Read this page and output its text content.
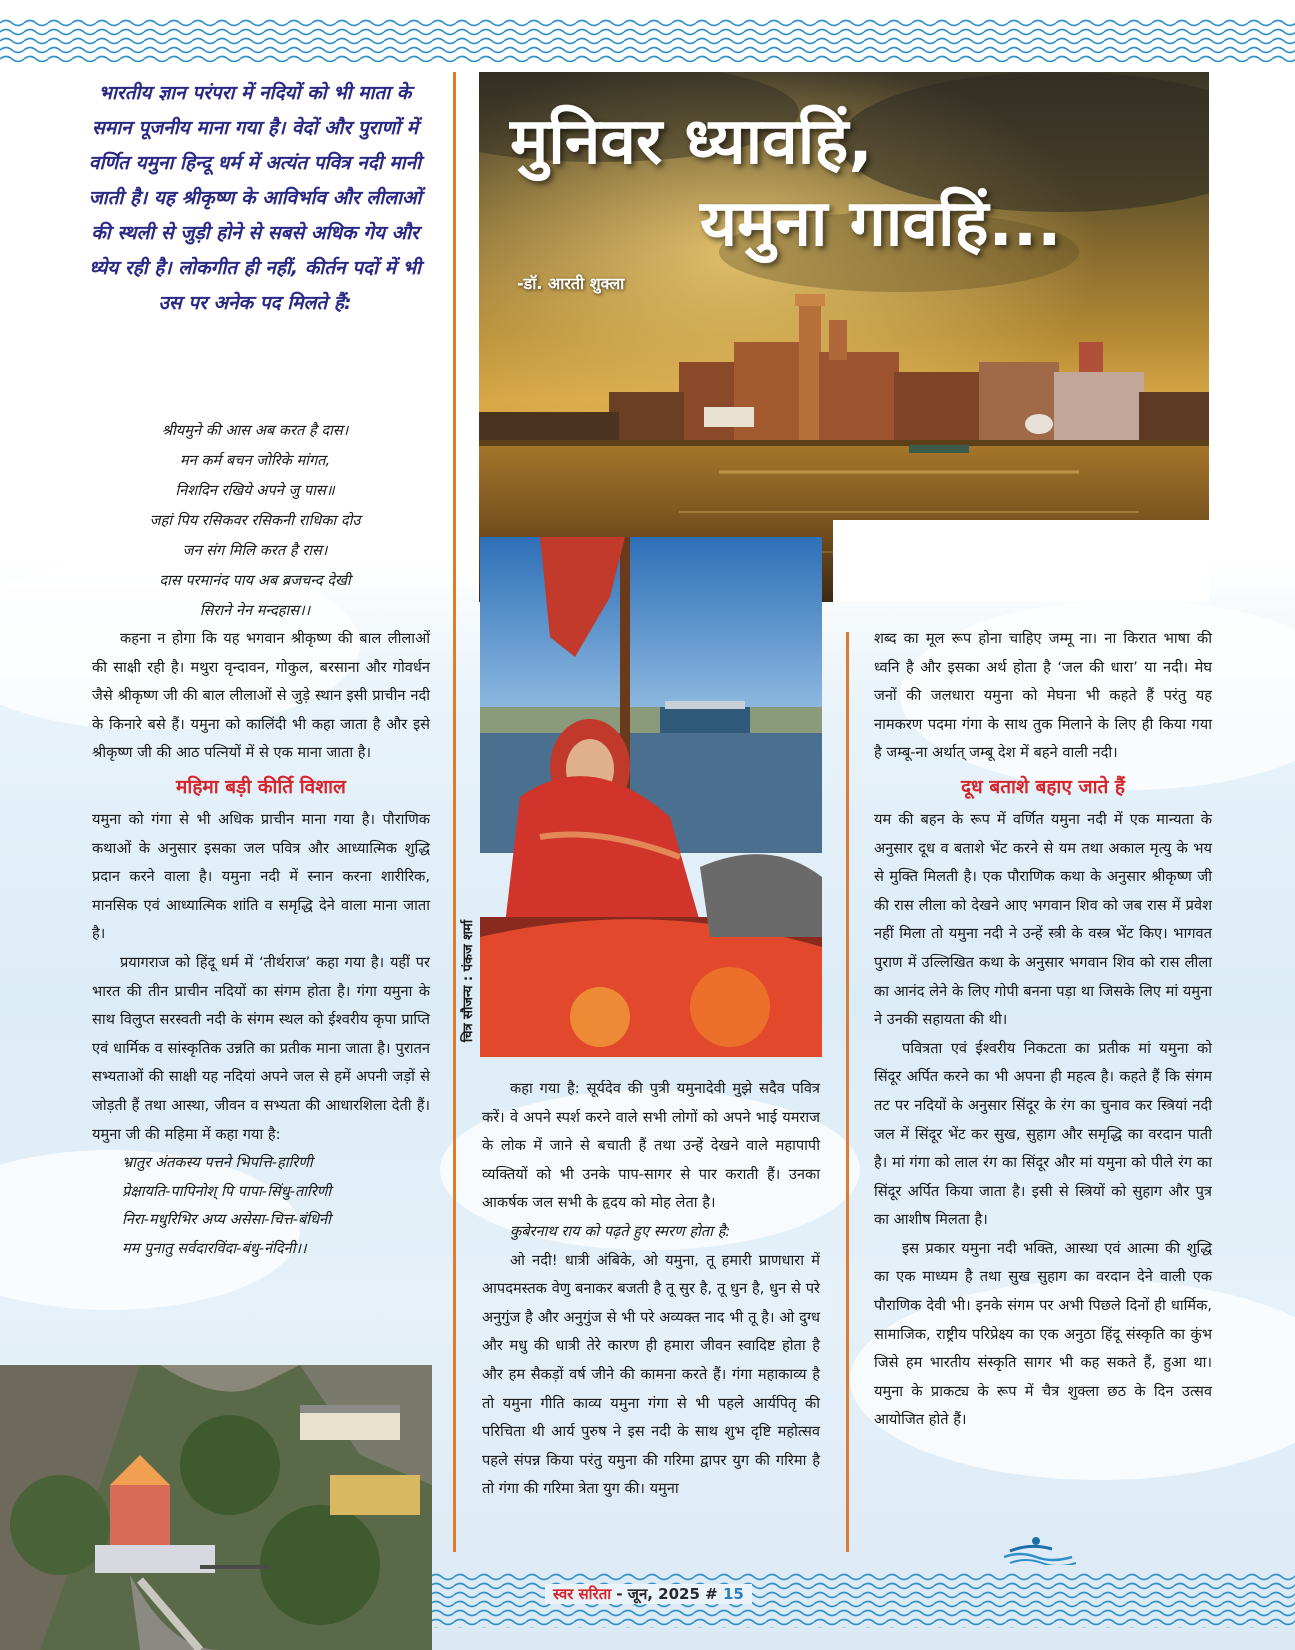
स्वर सरिता - जून, 2025 # 15
भारतीय ज्ञान परंपरा में नदियों को भी माता के समान पूजनीय माना गया है। वेदों और पुराणों में वर्णित यमुना हिन्दू धर्म में अत्यंत पवित्र नदी मानी जाती है। यह श्रीकृष्ण के आविर्भाव और लीलाओं की स्थली से जुड़ी होने से सबसे अधिक गेय और ध्येय रही है। लोकगीत ही नहीं, कीर्तन पदों में भी उस पर अनेक पद मिलते हैं:
श्रीयमुने की आस अब करत है दास।
मन कर्म बचन जोरिके मांगत,
निशदिन रखिये अपने जु पास॥
जहां पिय रसिकवर रसिकनी राधिका दोउ
जन संग मिलि करत है रास।
दास परमानंद पाय अब ब्रजचन्द देखी
सिराने नेन मन्दहास।।

कहना न होगा कि यह भगवान श्रीकृष्ण की बाल लीलाओं की साक्षी रही है। मथुरा वृन्दावन, गोकुल, बरसाना और गोवर्धन जैसे श्रीकृष्ण जी की बाल लीलाओं से जुड़े स्थान इसी प्राचीन नदी के किनारे बसे हैं। यमुना को कालिंदी भी कहा जाता है और इसे श्रीकृष्ण जी की आठ पत्नियों में से एक माना जाता है।

महिमा बड़ी कीर्ति विशाल

यमुना को गंगा से भी अधिक प्राचीन माना गया है। पौराणिक कथाओं के अनुसार इसका जल पवित्र और आध्यात्मिक शुद्धि प्रदान करने वाला है। यमुना नदी में स्नान करना शारीरिक, मानसिक एवं आध्यात्मिक शांति व समृद्धि देने वाला माना जाता है।

प्रयागराज को हिंदू धर्म में ‘तीर्थराज’ कहा गया है। यहीं पर भारत की तीन प्राचीन नदियों का संगम होता है। गंगा यमुना के साथ विलुप्त सरस्वती नदी के संगम स्थल को ईश्वरीय कृपा प्राप्ति एवं धार्मिक व सांस्कृतिक उन्नति का प्रतीक माना जाता है। पुरातन सभ्यताओं की साक्षी यह नदियां अपने जल से हमें अपनी जड़ों से जोड़ती हैं तथा आस्था, जीवन व सभ्यता की आधारशिला देती हैं। यमुना जी की महिमा में कहा गया है:

भ्रातुर अंतकस्य पत्तने भिपत्ति-हारिणी
प्रेक्षायति-पापिनोश् पि पापा-सिंधु-तारिणी
निरा-मधुरिभिर अप्य असेसा-चित्त-बंधिनी
मम पुनातु सर्वदारविंदा-बंधु-नंदिनी।।
मुनिवर ध्यावहिं,
यमुना गावहिं...
-डॉ. आरती शुक्ला
चित्र सौजन्य : पंकज शर्मा

कहा गया है: सूर्यदेव की पुत्री यमुनादेवी मुझे सदैव पवित्र करें। वे अपने स्पर्श करने वाले सभी लोगों को अपने भाई यमराज के लोक में जाने से बचाती हैं तथा उन्हें देखने वाले महापापी व्यक्तियों को भी उनके पाप-सागर से पार कराती हैं। उनका आकर्षक जल सभी के हृदय को मोह लेता है।

कुबेरनाथ राय को पढ़ते हुए स्मरण होता है:

ओ नदी! धात्री अंबिके, ओ यमुना, तू हमारी प्राणधारा में आपदमस्तक वेणु बनाकर बजती है तू सुर है, तू धुन है, धुन से परे अनुगुंज है और अनुगुंज से भी परे अव्यक्त नाद भी तू है। ओ दुग्ध और मधु की धात्री तेरे कारण ही हमारा जीवन स्वादिष्ट होता है और हम सैकड़ों वर्ष जीने की कामना करते हैं। गंगा महाकाव्य है तो यमुना गीति काव्य यमुना गंगा से भी पहले आर्यपितृ की परिचिता थी आर्य पुरुष ने इस नदी के साथ शुभ दृष्टि महोत्सव पहले संपन्न किया परंतु यमुना की गरिमा द्वापर युग की गरिमा है तो गंगा की गरिमा त्रेता युग की। यमुना

शब्द का मूल रूप होना चाहिए जम्मू ना। ना किरात भाषा की ध्वनि है और इसका अर्थ होता है ‘जल की धारा’ या नदी। मेघ जनों की जलधारा यमुना को मेघना भी कहते हैं परंतु यह नामकरण पदमा गंगा के साथ तुक मिलाने के लिए ही किया गया है जम्बू-ना अर्थात् जम्बू देश में बहने वाली नदी।

दूध बताशे बहाए जाते हैं

यम की बहन के रूप में वर्णित यमुना नदी में एक मान्यता के अनुसार दूध व बताशे भेंट करने से यम तथा अकाल मृत्यु के भय से मुक्ति मिलती है। एक पौराणिक कथा के अनुसार श्रीकृष्ण जी की रास लीला को देखने आए भगवान शिव को जब रास में प्रवेश नहीं मिला तो यमुना नदी ने उन्हें स्त्री के वस्त्र भेंट किए। भागवत पुराण में उल्लिखित कथा के अनुसार भगवान शिव को रास लीला का आनंद लेने के लिए गोपी बनना पड़ा था जिसके लिए मां यमुना ने उनकी सहायता की थी।

पवित्रता एवं ईश्वरीय निकटता का प्रतीक मां यमुना को सिंदूर अर्पित करने का भी अपना ही महत्व है। कहते हैं कि संगम तट पर नदियों के अनुसार सिंदूर के रंग का चुनाव कर स्त्रियां नदी जल में सिंदूर भेंट कर सुख, सुहाग और समृद्धि का वरदान पाती है। मां गंगा को लाल रंग का सिंदूर और मां यमुना को पीले रंग का सिंदूर अर्पित किया जाता है। इसी से स्त्रियों को सुहाग और पुत्र का आशीष मिलता है।

इस प्रकार यमुना नदी भक्ति, आस्था एवं आत्मा की शुद्धि का एक माध्यम है तथा सुख सुहाग का वरदान देने वाली एक पौराणिक देवी भी। इनके संगम पर अभी पिछले दिनों ही धार्मिक, सामाजिक, राष्ट्रीय परिप्रेक्ष्य का एक अनुठा हिंदू संस्कृति का कुंभ जिसे हम भारतीय संस्कृति सागर भी कह सकते हैं, हुआ था। यमुना के प्राकट्य के रूप में चैत्र शुक्ला छठ के दिन उत्सव आयोजित होते हैं।
